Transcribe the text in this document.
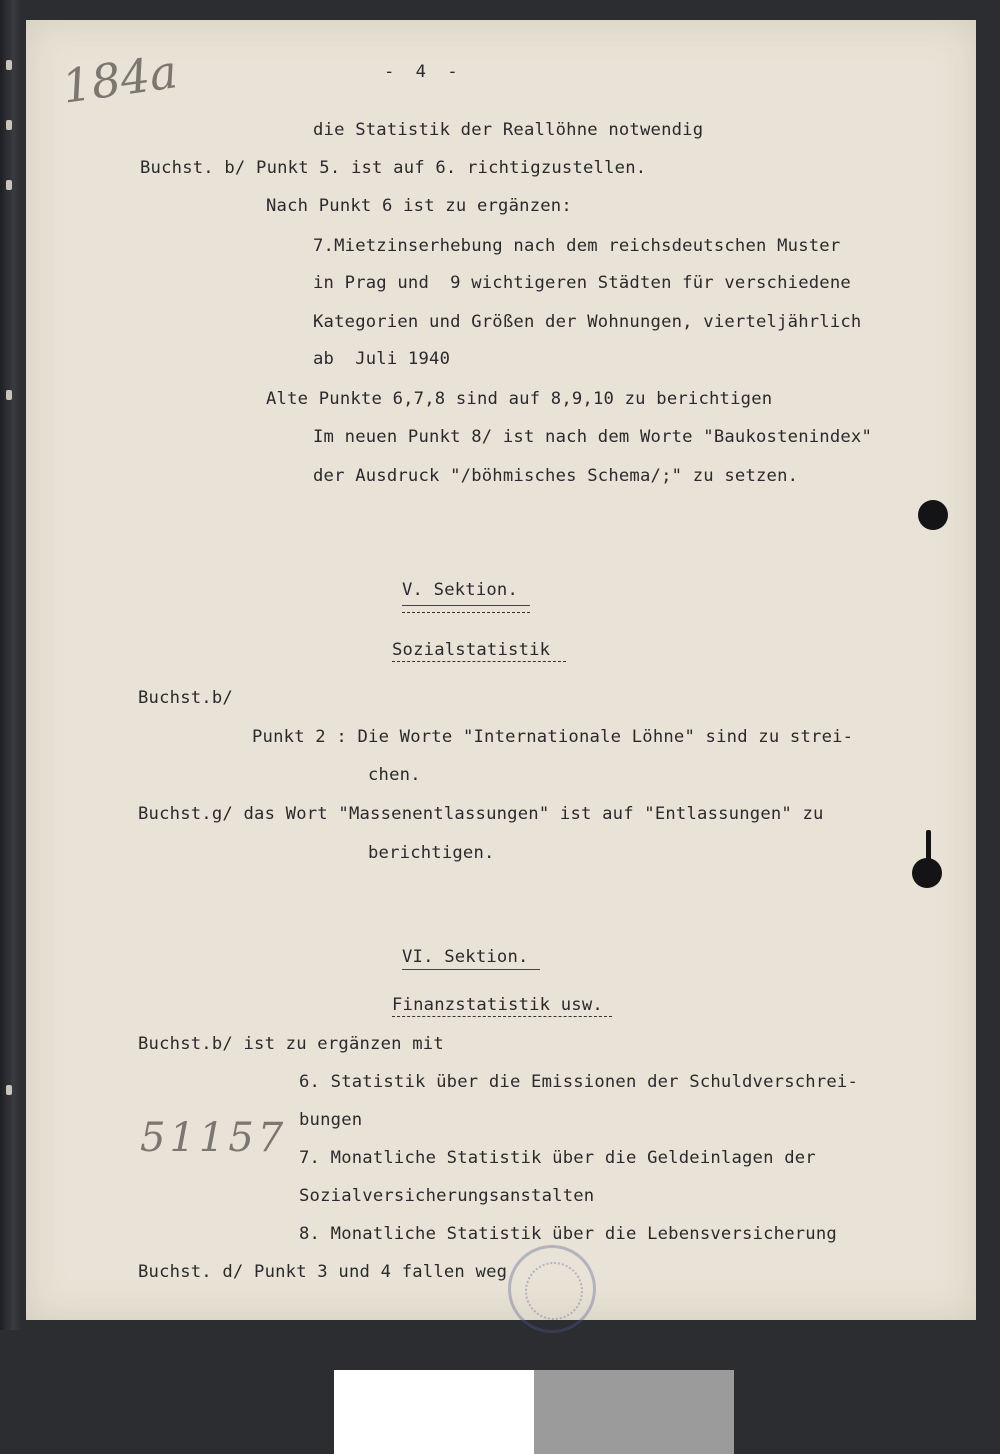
184a
51157
-  4  -
die Statistik der Reallöhne notwendig
Buchst. b/ Punkt 5. ist auf 6. richtigzustellen.
Nach Punkt 6 ist zu ergänzen:
7.Mietzinserhebung nach dem reichsdeutschen Muster
in Prag und  9 wichtigeren Städten für verschiedene
Kategorien und Größen der Wohnungen, vierteljährlich
ab  Juli 1940
Alte Punkte 6,7,8 sind auf 8,9,10 zu berichtigen
Im neuen Punkt 8/ ist nach dem Worte "Baukostenindex"
der Ausdruck "/böhmisches Schema/;" zu setzen.
V. Sektion.
Sozialstatistik
Buchst.b/
Punkt 2 : Die Worte "Internationale Löhne" sind zu strei-
chen.
Buchst.g/ das Wort "Massenentlassungen" ist auf "Entlassungen" zu
berichtigen.
VI. Sektion.
Finanzstatistik usw.
Buchst.b/ ist zu ergänzen mit
6. Statistik über die Emissionen der Schuldverschrei-
bungen
7. Monatliche Statistik über die Geldeinlagen der
Sozialversicherungsanstalten
8. Monatliche Statistik über die Lebensversicherung
Buchst. d/ Punkt 3 und 4 fallen weg
